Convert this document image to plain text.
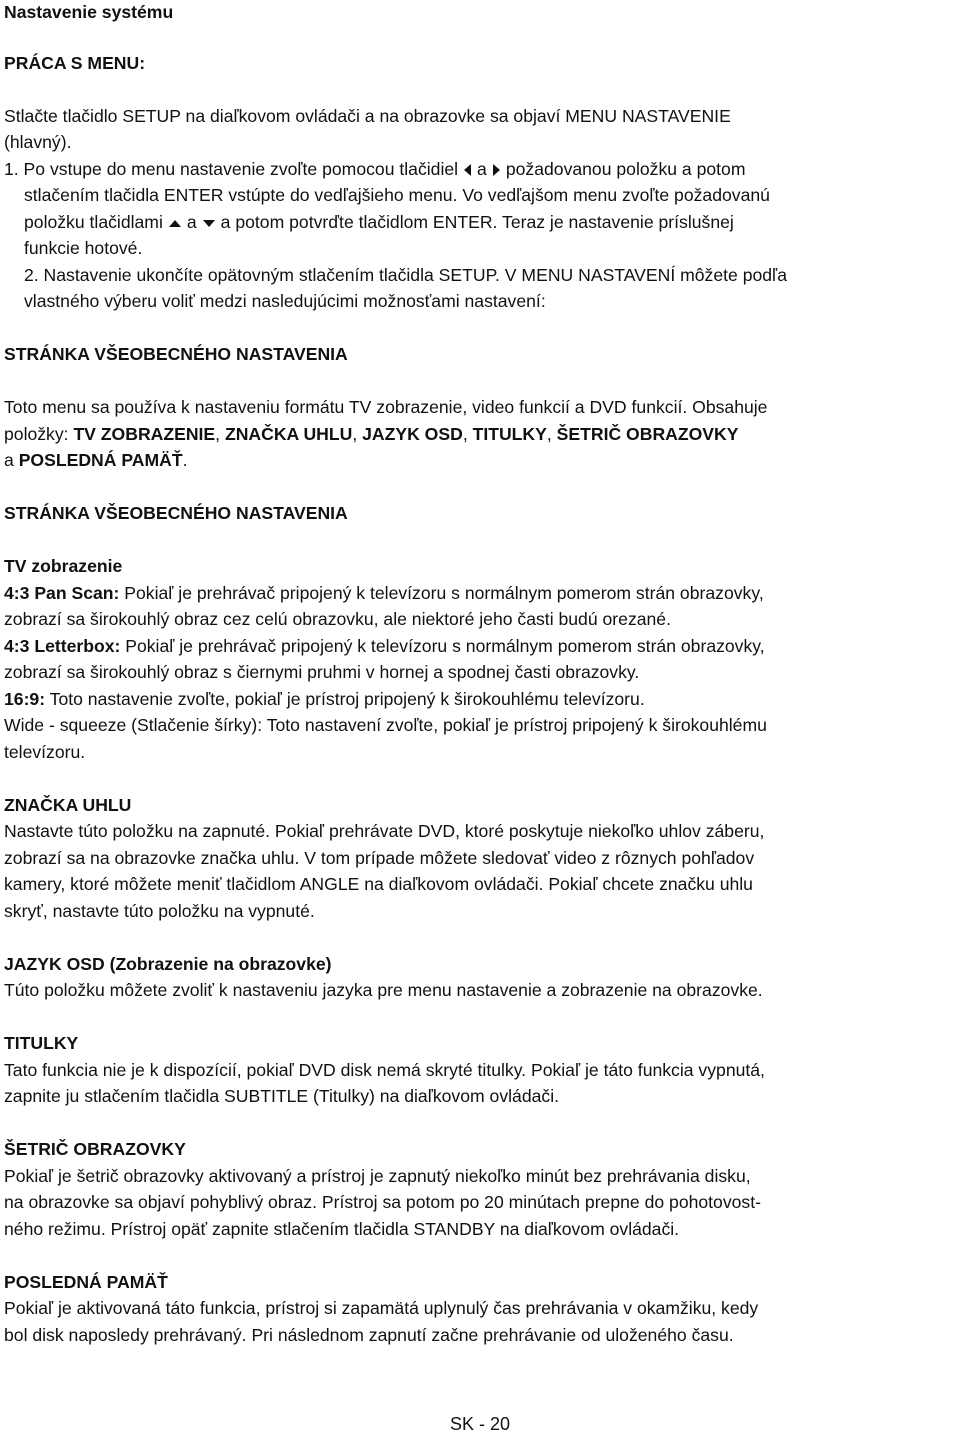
Nastavenie systému

PRÁCA S MENU:

Stlačte tlačidlo SETUP na diaľkovom ovládači a na obrazovke sa objaví MENU NASTAVENIE

(hlavný).

1. Po vstupe do menu nastavenie zvoľte pomocou tlačidiel a požadovanou položku a potom

stlačením tlačidla ENTER vstúpte do vedľajšieho menu. Vo vedľajšom menu zvoľte požadovanú

položku tlačidlami a a potom potvrďte tlačidlom ENTER. Teraz je nastavenie príslušnej

funkcie hotové.

2. Nastavenie ukončíte opätovným stlačením tlačidla SETUP. V MENU NASTAVENÍ môžete podľa

vlastného výberu voliť medzi nasledujúcimi možnosťami nastavení:

STRÁNKA VŠEOBECNÉHO NASTAVENIA

Toto menu sa používa k nastaveniu formátu TV zobrazenie, video funkcií a DVD funkcií. Obsahuje

položky: TV ZOBRAZENIE, ZNAČKA UHLU, JAZYK OSD, TITULKY, ŠETRIČ OBRAZOVKY

a POSLEDNÁ PAMÄŤ.

STRÁNKA VŠEOBECNÉHO NASTAVENIA

TV zobrazenie

4:3 Pan Scan: Pokiaľ je prehrávač pripojený k televízoru s normálnym pomerom strán obrazovky,

zobrazí sa širokouhlý obraz cez celú obrazovku, ale niektoré jeho časti budú orezané.

4:3 Letterbox: Pokiaľ je prehrávač pripojený k televízoru s normálnym pomerom strán obrazovky,

zobrazí sa širokouhlý obraz s čiernymi pruhmi v hornej a spodnej časti obrazovky.

16:9: Toto nastavenie zvoľte, pokiaľ je prístroj pripojený k širokouhlému televízoru.

Wide - squeeze (Stlačenie šírky): Toto nastavení zvoľte, pokiaľ je prístroj pripojený k širokouhlému

televízoru.

ZNAČKA UHLU

Nastavte túto položku na zapnuté. Pokiaľ prehrávate DVD, ktoré poskytuje niekoľko uhlov záberu,

zobrazí sa na obrazovke značka uhlu. V tom prípade môžete sledovať video z rôznych pohľadov

kamery, ktoré môžete meniť tlačidlom ANGLE na diaľkovom ovládači. Pokiaľ chcete značku uhlu

skryť, nastavte túto položku na vypnuté.

JAZYK OSD (Zobrazenie na obrazovke)

Túto položku môžete zvoliť k nastaveniu jazyka pre menu nastavenie a zobrazenie na obrazovke.

TITULKY

Tato funkcia nie je k dispozícií, pokiaľ DVD disk nemá skryté titulky. Pokiaľ je táto funkcia vypnutá,

zapnite ju stlačením tlačidla SUBTITLE (Titulky) na diaľkovom ovládači.

ŠETRIČ OBRAZOVKY

Pokiaľ je šetrič obrazovky aktivovaný a prístroj je zapnutý niekoľko minút bez prehrávania disku,

na obrazovke sa objaví pohyblivý obraz. Prístroj sa potom po 20 minútach prepne do pohotovost-

ného režimu. Prístroj opäť zapnite stlačením tlačidla STANDBY na diaľkovom ovládači.

POSLEDNÁ PAMÄŤ

Pokiaľ je aktivovaná táto funkcia, prístroj si zapamätá uplynulý čas prehrávania v okamžiku, kedy

bol disk naposledy prehrávaný. Pri následnom zapnutí začne prehrávanie od uloženého času.

SK - 20
